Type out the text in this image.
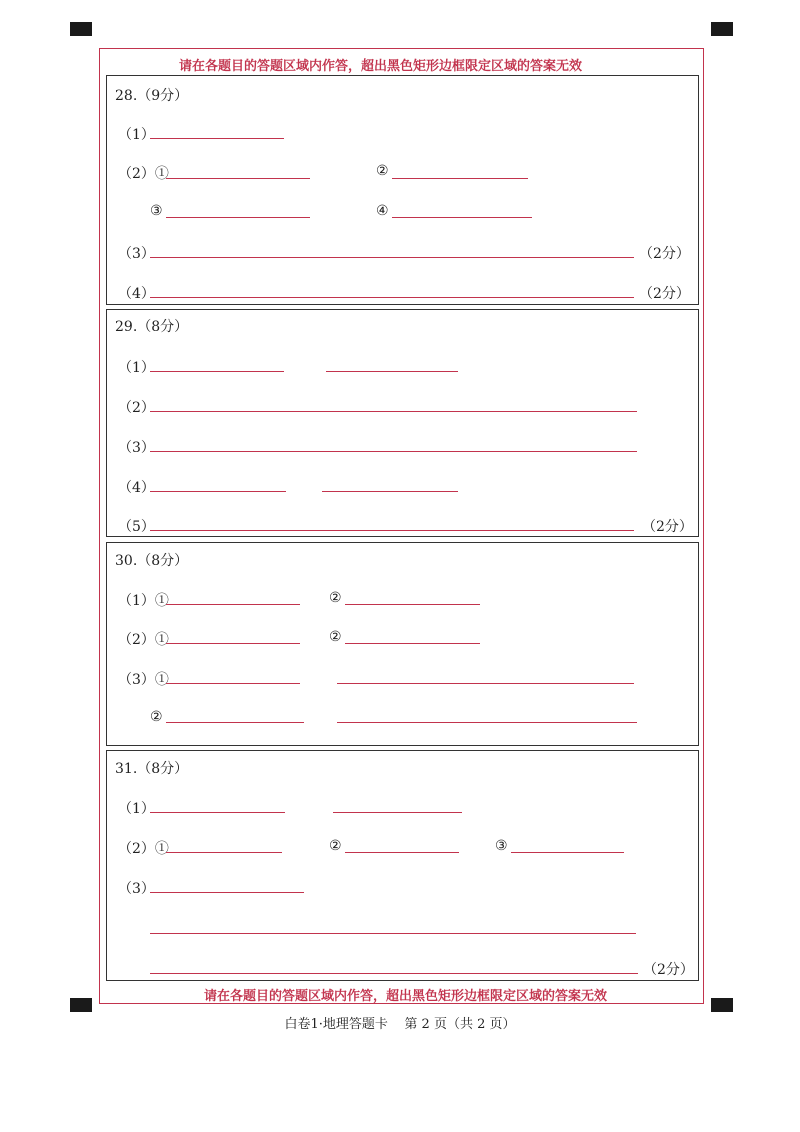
请在各题目的答题区域内作答，超出黑色矩形边框限定区域的答案无效
28.（9分）
（1）
（2）①	②
③	④
（3）	（2分）
（4）	（2分）
29.（8分）
（1）
（2）
（3）
（4）
（5）	（2分）
30.（8分）
（1）①	②
（2）①	②
（3）①
②
31.（8分）
（1）
（2）①	②	③
（3）
（2分）
请在各题目的答题区域内作答，超出黑色矩形边框限定区域的答案无效
白卷1·地理答题卡    第 2 页（共 2 页）
